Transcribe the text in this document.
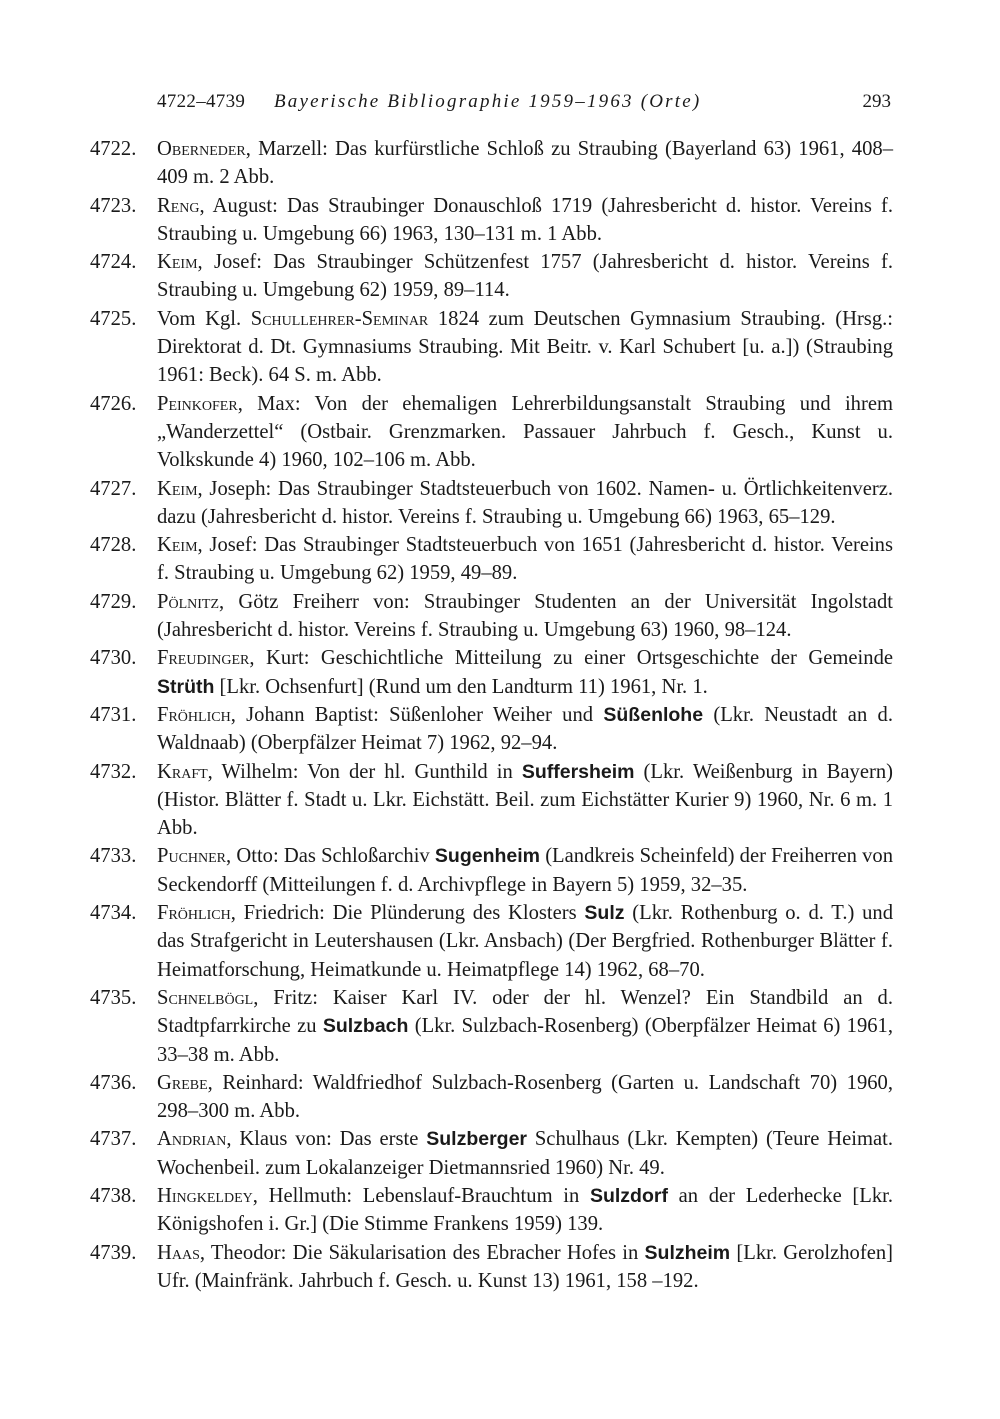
4722–4739 Bayerische Bibliographie 1959–1963 (Orte)	293
4722. Oberneder, Marzell: Das kurfürstliche Schloß zu Straubing (Bayerland 63) 1961, 408–409 m. 2 Abb.
4723. Reng, August: Das Straubinger Donauschloß 1719 (Jahresbericht d. histor. Vereins f. Straubing u. Umgebung 66) 1963, 130–131 m. 1 Abb.
4724. Keim, Josef: Das Straubinger Schützenfest 1757 (Jahresbericht d. histor. Vereins f. Straubing u. Umgebung 62) 1959, 89–114.
4725. Vom Kgl. Schullehrer-Seminar 1824 zum Deutschen Gymnasium Straubing. (Hrsg.: Direktorat d. Dt. Gymnasiums Straubing. Mit Beitr. v. Karl Schubert [u. a.]) (Straubing 1961: Beck). 64 S. m. Abb.
4726. Peinkofer, Max: Von der ehemaligen Lehrerbildungsanstalt Straubing und ihrem „Wanderzettel“ (Ostbair. Grenzmarken. Passauer Jahrbuch f. Gesch., Kunst u. Volkskunde 4) 1960, 102–106 m. Abb.
4727. Keim, Joseph: Das Straubinger Stadtsteuerbuch von 1602. Namen- u. Örtlichkeitenverz. dazu (Jahresbericht d. histor. Vereins f. Straubing u. Umgebung 66) 1963, 65–129.
4728. Keim, Josef: Das Straubinger Stadtsteuerbuch von 1651 (Jahresbericht d. histor. Vereins f. Straubing u. Umgebung 62) 1959, 49–89.
4729. Pölnitz, Götz Freiherr von: Straubinger Studenten an der Universität Ingolstadt (Jahresbericht d. histor. Vereins f. Straubing u. Umgebung 63) 1960, 98–124.
4730. Freudinger, Kurt: Geschichtliche Mitteilung zu einer Ortsgeschichte der Gemeinde Strüth [Lkr. Ochsenfurt] (Rund um den Landturm 11) 1961, Nr. 1.
4731. Fröhlich, Johann Baptist: Süßenloher Weiher und Süßenlohe (Lkr. Neustadt an d. Waldnaab) (Oberpfälzer Heimat 7) 1962, 92–94.
4732. Kraft, Wilhelm: Von der hl. Gunthild in Suffersheim (Lkr. Weißenburg in Bayern) (Histor. Blätter f. Stadt u. Lkr. Eichstätt. Beil. zum Eichstätter Kurier 9) 1960, Nr. 6 m. 1 Abb.
4733. Puchner, Otto: Das Schloßarchiv Sugenheim (Landkreis Scheinfeld) der Freiherren von Seckendorff (Mitteilungen f. d. Archivpflege in Bayern 5) 1959, 32–35.
4734. Fröhlich, Friedrich: Die Plünderung des Klosters Sulz (Lkr. Rothenburg o. d. T.) und das Strafgericht in Leutershausen (Lkr. Ansbach) (Der Bergfried. Rothenburger Blätter f. Heimatforschung, Heimatkunde u. Heimatpflege 14) 1962, 68–70.
4735. Schnelbögl, Fritz: Kaiser Karl IV. oder der hl. Wenzel? Ein Standbild an d. Stadtpfarrkirche zu Sulzbach (Lkr. Sulzbach-Rosenberg) (Oberpfälzer Heimat 6) 1961, 33–38 m. Abb.
4736. Grebe, Reinhard: Waldfriedhof Sulzbach-Rosenberg (Garten u. Landschaft 70) 1960, 298–300 m. Abb.
4737. Andrian, Klaus von: Das erste Sulzberger Schulhaus (Lkr. Kempten) (Teure Heimat. Wochenbeil. zum Lokalanzeiger Dietmannsried 1960) Nr. 49.
4738. Hingkeldey, Hellmuth: Lebenslauf-Brauchtum in Sulzdorf an der Lederhecke [Lkr. Königshofen i. Gr.] (Die Stimme Frankens 1959) 139.
4739. Haas, Theodor: Die Säkularisation des Ebracher Hofes in Sulzheim [Lkr. Gerolzhofen] Ufr. (Mainfränk. Jahrbuch f. Gesch. u. Kunst 13) 1961, 158 –192.
